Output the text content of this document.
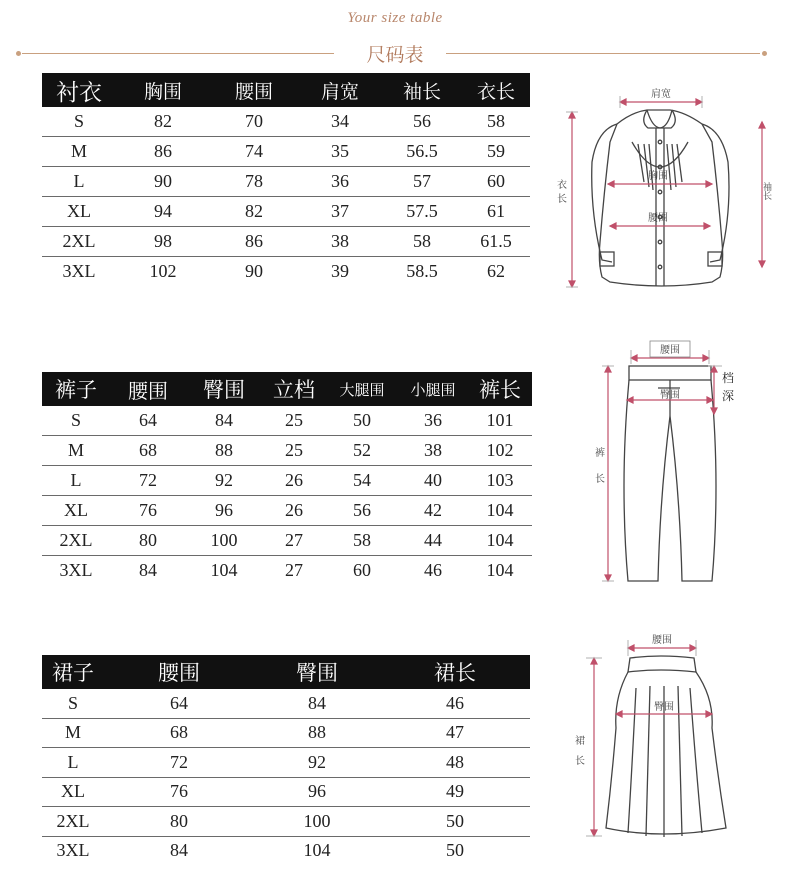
Your size table
尺码表
衬衣	胸围	腰围	肩宽	袖长	衣长
S	82	70	34	56	58
M	86	74	35	56.5	59
L	90	78	36	57	60
XL	94	82	37	57.5	61
2XL	98	86	38	58	61.5
3XL	102	90	39	58.5	62
裤子	腰围	臀围	立档	大腿围	小腿围	裤长
S	64	84	25	50	36	101
M	68	88	25	52	38	102
L	72	92	26	54	40	103
XL	76	96	26	56	42	104
2XL	80	100	27	58	44	104
3XL	84	104	27	60	46	104
裙子	腰围	臀围	裙长
S	64	84	46
M	68	88	47
L	72	92	48
XL	76	96	49
2XL	80	100	50
3XL	84	104	50
肩宽
胸围
腰围
长
衣	袖长
腰围
臀围
档
深
裤
长
腰围
臀围
裙
长
